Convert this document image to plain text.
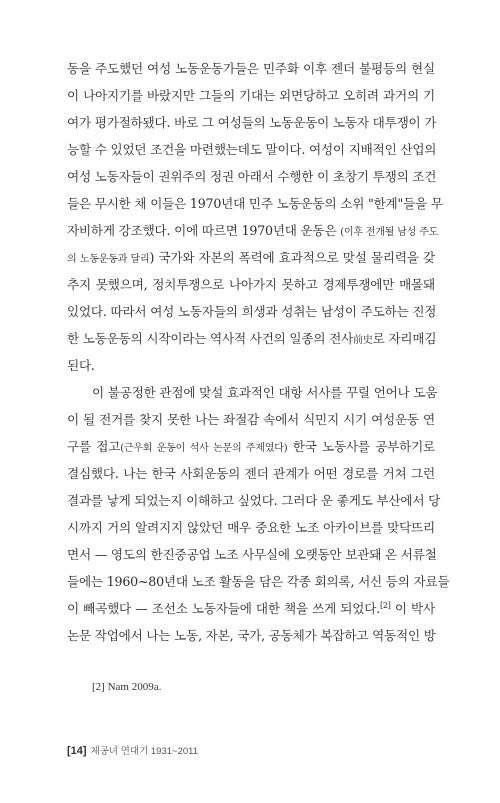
동을 주도했던 여성 노동운동가들은 민주화 이후 젠더 불평등의 현실
이 나아지기를 바랐지만 그들의 기대는 외면당하고 오히려 과거의 기
여가 평가절하됐다. 바로 그 여성들의 노동운동이 노동자 대투쟁이 가
능할 수 있었던 조건을 마련했는데도 말이다. 여성이 지배적인 산업의
여성 노동자들이 권위주의 정권 아래서 수행한 이 초창기 투쟁의 조건
들은 무시한 채 이들은 1970년대 민주 노동운동의 소위 "한계"들을 무
자비하게 강조했다. 이에 따르면 1970년대 운동은 (이후 전개될 남성 주도
의 노동운동과 달리) 국가와 자본의 폭력에 효과적으로 맞설 물리력을 갖
추지 못했으며, 정치투쟁으로 나아가지 못하고 경제투쟁에만 매몰돼
있었다. 따라서 여성 노동자들의 희생과 성취는 남성이 주도하는 진정
한 노동운동의 시작이라는 역사적 사건의 일종의 전사前史로 자리매김
된다.
이 불공정한 관점에 맞설 효과적인 대항 서사를 꾸릴 언어나 도움
이 될 전거를 찾지 못한 나는 좌절감 속에서 식민지 시기 여성운동 연
구를 접고(근우회 운동이 석사 논문의 주제였다) 한국 노동사를 공부하기로
결심했다. 나는 한국 사회운동의 젠더 관계가 어떤 경로를 거쳐 그런
결과를 낳게 되었는지 이해하고 싶었다. 그러다 운 좋게도 부산에서 당
시까지 거의 알려지지 않았던 매우 중요한 노조 아카이브를 맞닥뜨리
면서 — 영도의 한진중공업 노조 사무실에 오랫동안 보관돼 온 서류철
들에는 1960~80년대 노조 활동을 담은 각종 회의록, 서신 등의 자료들
이 빼곡했다 — 조선소 노동자들에 대한 책을 쓰게 되었다.[2] 이 박사
논문 작업에서 나는 노동, 자본, 국가, 공동체가 복잡하고 역동적인 방
[2] Nam 2009a.
[14] 체공녀 연대기 1931~2011
